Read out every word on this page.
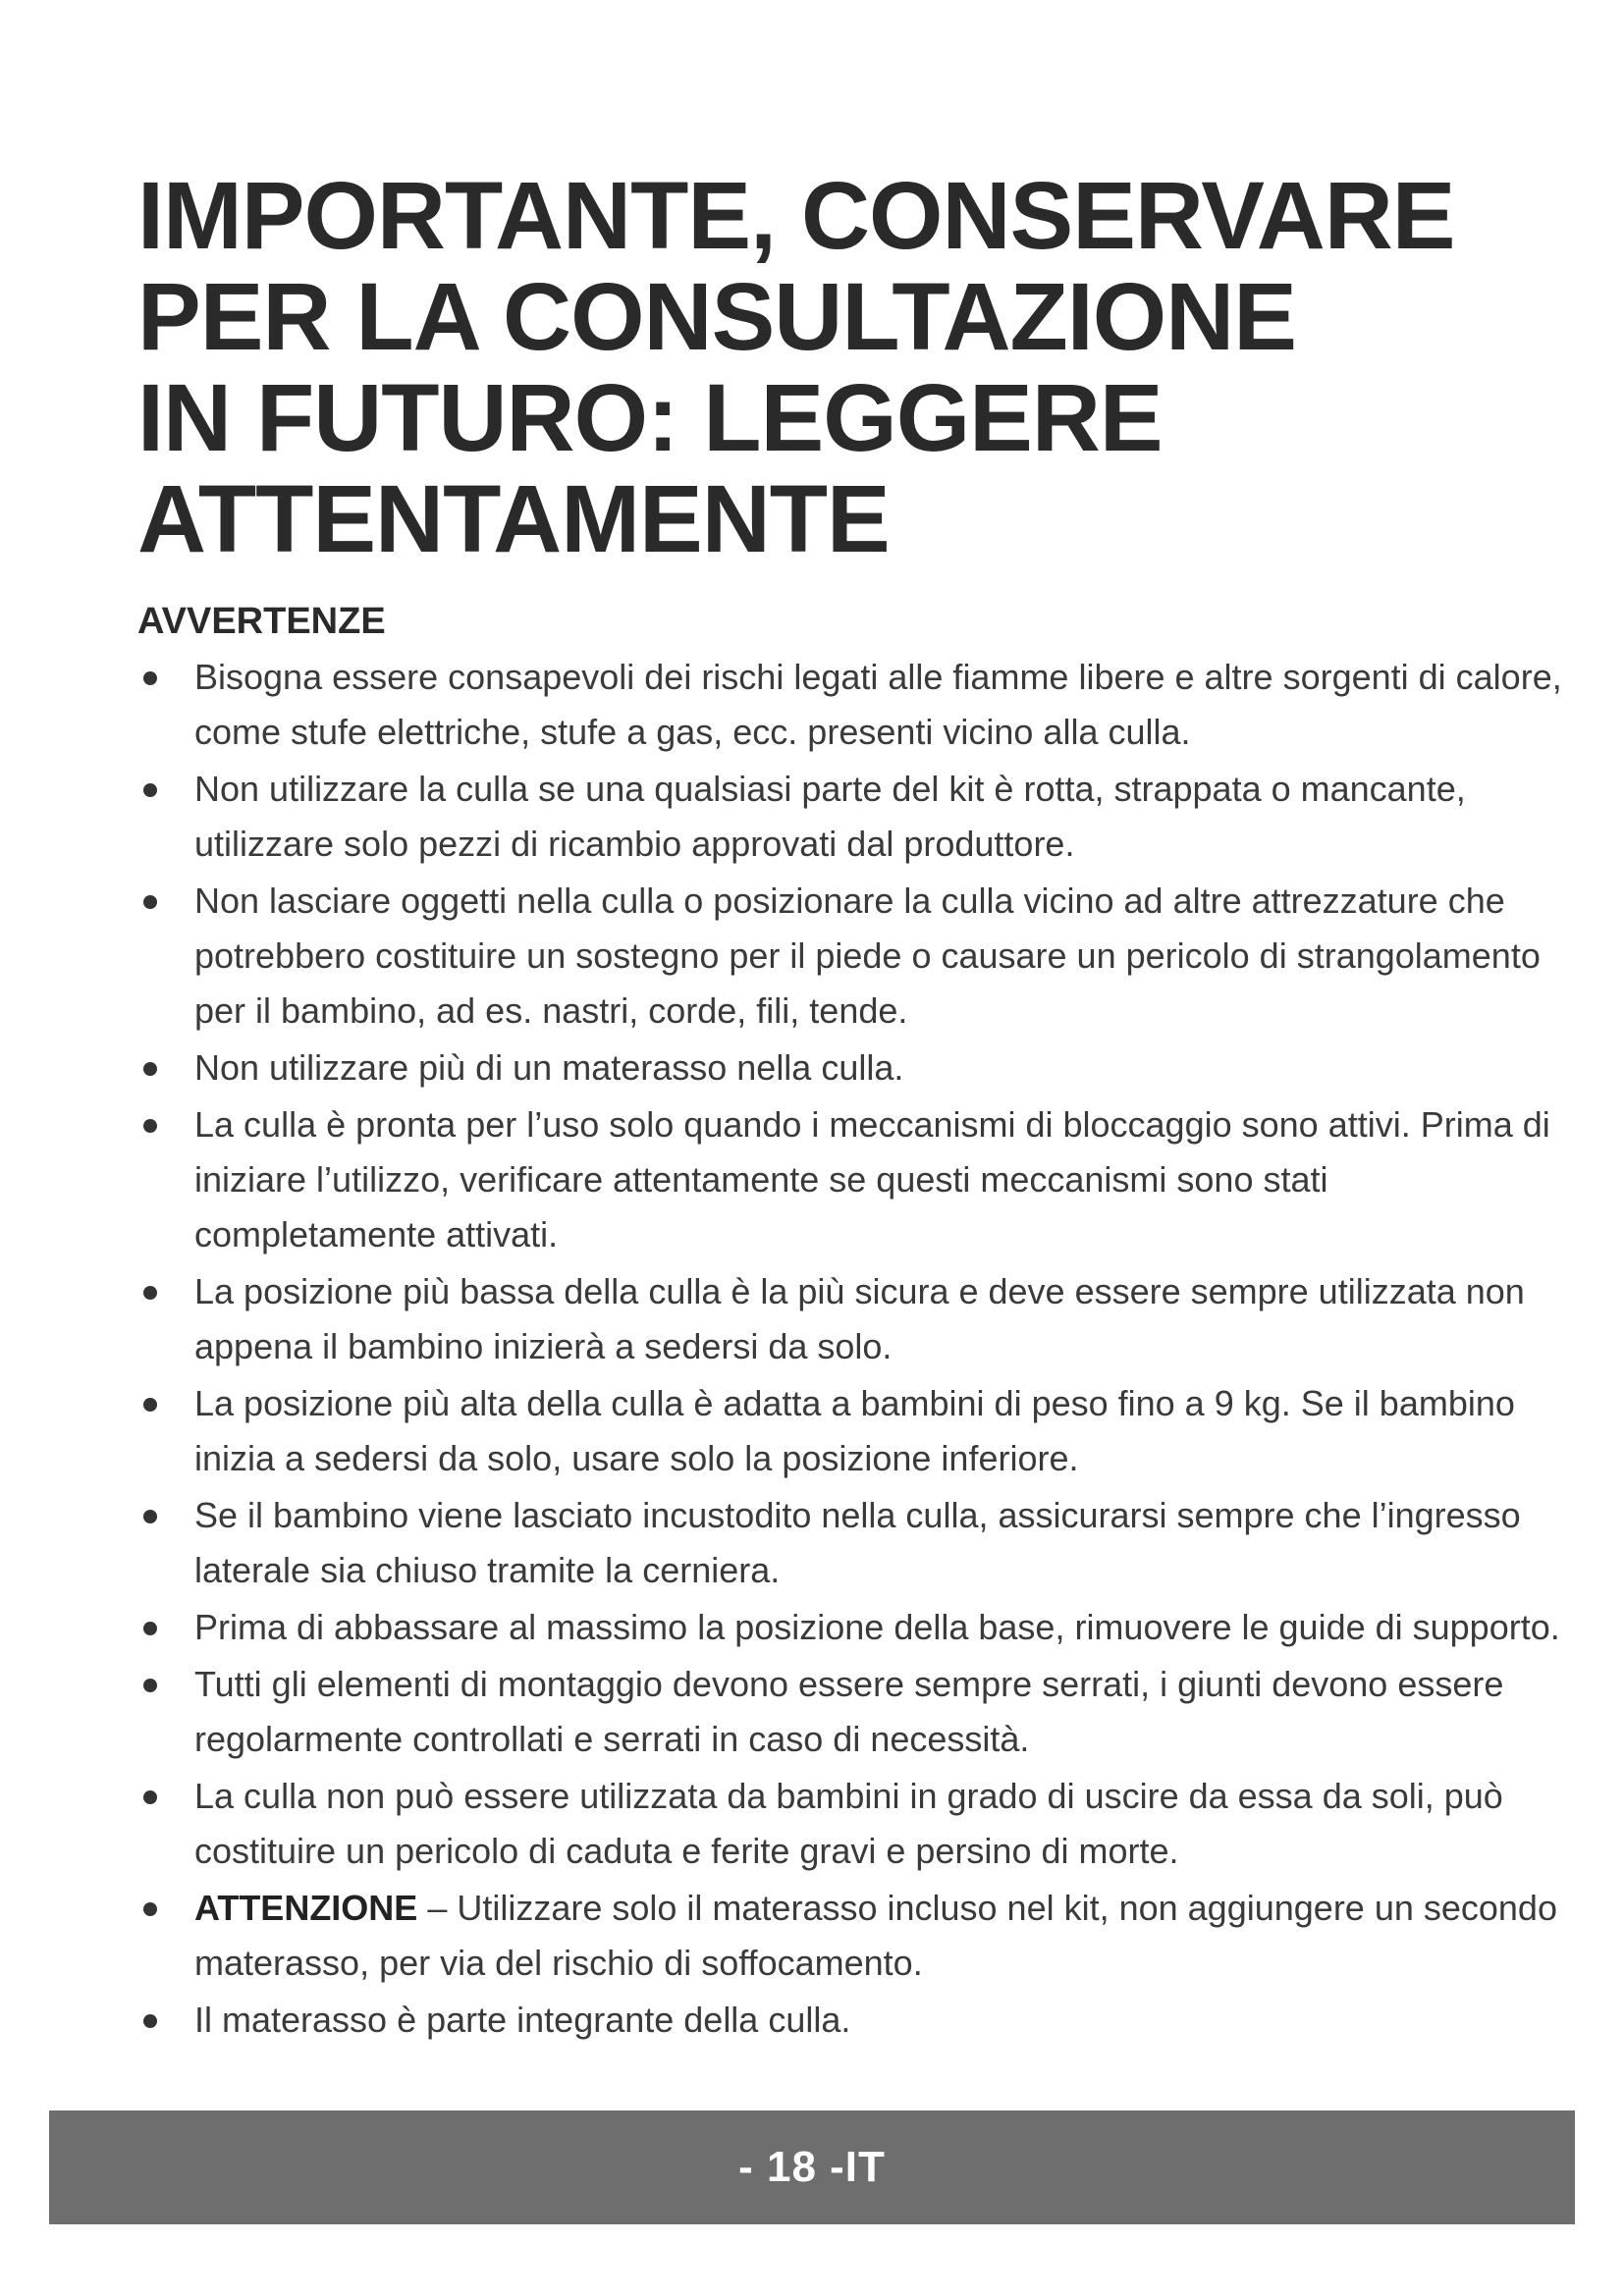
IMPORTANTE, CONSERVARE
PER LA CONSULTAZIONE
IN FUTURO: LEGGERE
ATTENTAMENTE
AVVERTENZE
Bisogna essere consapevoli dei rischi legati alle fiamme libere e altre sorgenti di calore, come stufe elettriche, stufe a gas, ecc. presenti vicino alla culla.
Non utilizzare la culla se una qualsiasi parte del kit è rotta, strappata o mancante, utilizzare solo pezzi di ricambio approvati dal produttore.
Non lasciare oggetti nella culla o posizionare la culla vicino ad altre attrezzature che potrebbero costituire un sostegno per il piede o causare un pericolo di strangolamento per il bambino, ad es. nastri, corde, fili, tende.
Non utilizzare più di un materasso nella culla.
La culla è pronta per l’uso solo quando i meccanismi di bloccaggio sono attivi. Prima di iniziare l’utilizzo, verificare attentamente se questi meccanismi sono stati completamente attivati.
La posizione più bassa della culla è la più sicura e deve essere sempre utilizzata non appena il bambino inizierà a sedersi da solo.
La posizione più alta della culla è adatta a bambini di peso fino a 9 kg. Se il bambino inizia a sedersi da solo, usare solo la posizione inferiore.
Se il bambino viene lasciato incustodito nella culla, assicurarsi sempre che l’ingresso laterale sia chiuso tramite la cerniera.
Prima di abbassare al massimo la posizione della base, rimuovere le guide di supporto.
Tutti gli elementi di montaggio devono essere sempre serrati, i giunti devono essere regolarmente controllati e serrati in caso di necessità.
La culla non può essere utilizzata da bambini in grado di uscire da essa da soli, può costituire un pericolo di caduta e ferite gravi e persino di morte.
ATTENZIONE – Utilizzare solo il materasso incluso nel kit, non aggiungere un secondo materasso, per via del rischio di soffocamento.
Il materasso è parte integrante della culla.
- 18 -IT
